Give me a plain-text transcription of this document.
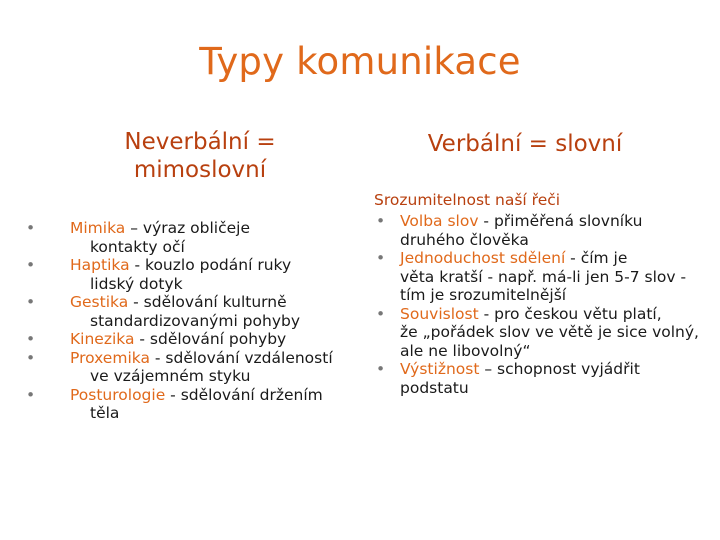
Typy komunikace
Neverbální =
mimoslovní
• Mimika – výraz obličeje
kontakty očí
• Haptika - kouzlo podání ruky
lidský dotyk
• Gestika - sdělování kulturně
standardizovanými pohyby
• Kinezika - sdělování pohyby
• Proxemika - sdělování vzdáleností
ve vzájemném styku
• Posturologie - sdělování držením
těla
Verbální = slovní
Srozumitelnost naší řeči
• Volba slov - přiměřená slovníku
druhého člověka
• Jednoduchost sdělení - čím je
věta kratší - např. má-li jen 5-7 slov - tím je srozumitelnější
• Souvislost - pro českou větu platí,
že „pořádek slov ve větě je sice volný, ale ne libovolný“
• Výstižnost – schopnost vyjádřit
podstatu
